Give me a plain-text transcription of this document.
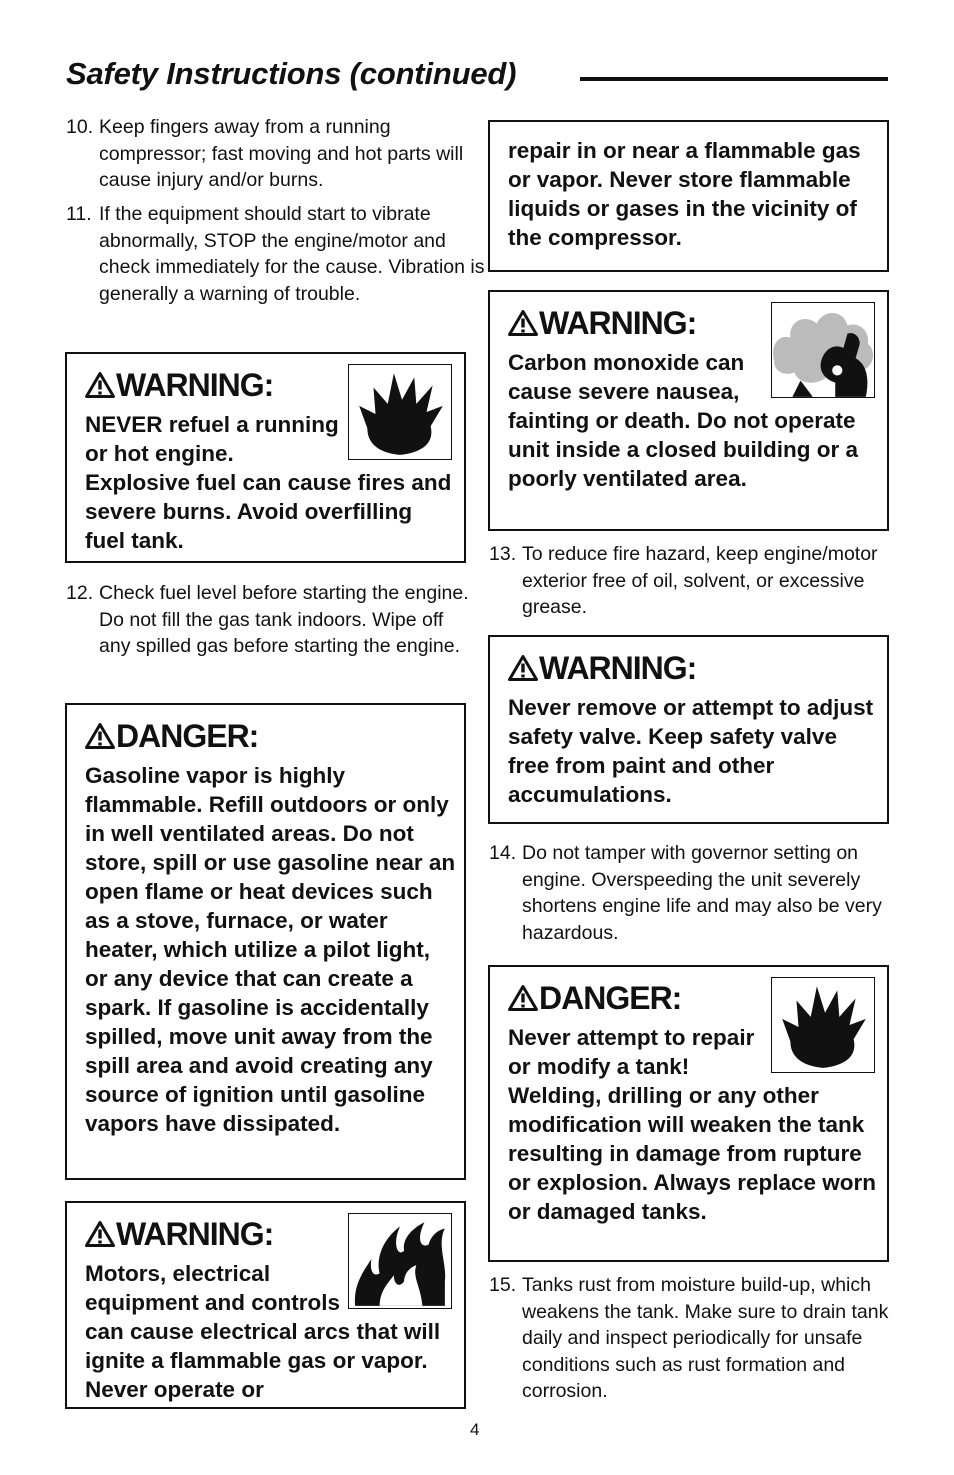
Safety Instructions (continued)
10. Keep fingers away from a running compressor; fast moving and hot parts will cause injury and/or burns.
11. If the equipment should start to vibrate abnormally, STOP the engine/motor and check immediately for the cause. Vibration is generally a warning of trouble.
WARNING:
NEVER refuel a running or hot engine. Explosive fuel can cause fires and severe burns. Avoid overfilling fuel tank.
12. Check fuel level before starting the engine. Do not fill the gas tank indoors. Wipe off any spilled gas before starting the engine.
DANGER:
Gasoline vapor is highly flammable. Refill outdoors or only in well ventilated areas. Do not store, spill or use gasoline near an open flame or heat devices such as a stove, furnace, or water heater, which utilize a pilot light, or any device that can create a spark. If gasoline is accidentally spilled, move unit away from the spill area and avoid creating any source of ignition until gasoline vapors have dissipated.
WARNING:
Motors, electrical equipment and controls can cause electrical arcs that will ignite a flammable gas or vapor. Never operate or
repair in or near a flammable gas or vapor. Never store flammable liquids or gases in the vicinity of the compressor.
WARNING:
Carbon monoxide can cause severe nausea, fainting or death. Do not operate unit inside a closed building or a poorly ventilated area.
13. To reduce fire hazard, keep engine/motor exterior free of oil, solvent, or excessive grease.
WARNING:
Never remove or attempt to adjust safety valve. Keep safety valve free from paint and other accumulations.
14. Do not tamper with governor setting on engine. Overspeeding the unit severely shortens engine life and may also be very hazardous.
DANGER:
Never attempt to repair or modify a tank! Welding, drilling or any other modification will weaken the tank resulting in damage from rupture or explosion. Always replace worn or damaged tanks.
15. Tanks rust from moisture build-up, which weakens the tank. Make sure to drain tank daily and inspect periodically for unsafe conditions such as rust formation and corrosion.
4
